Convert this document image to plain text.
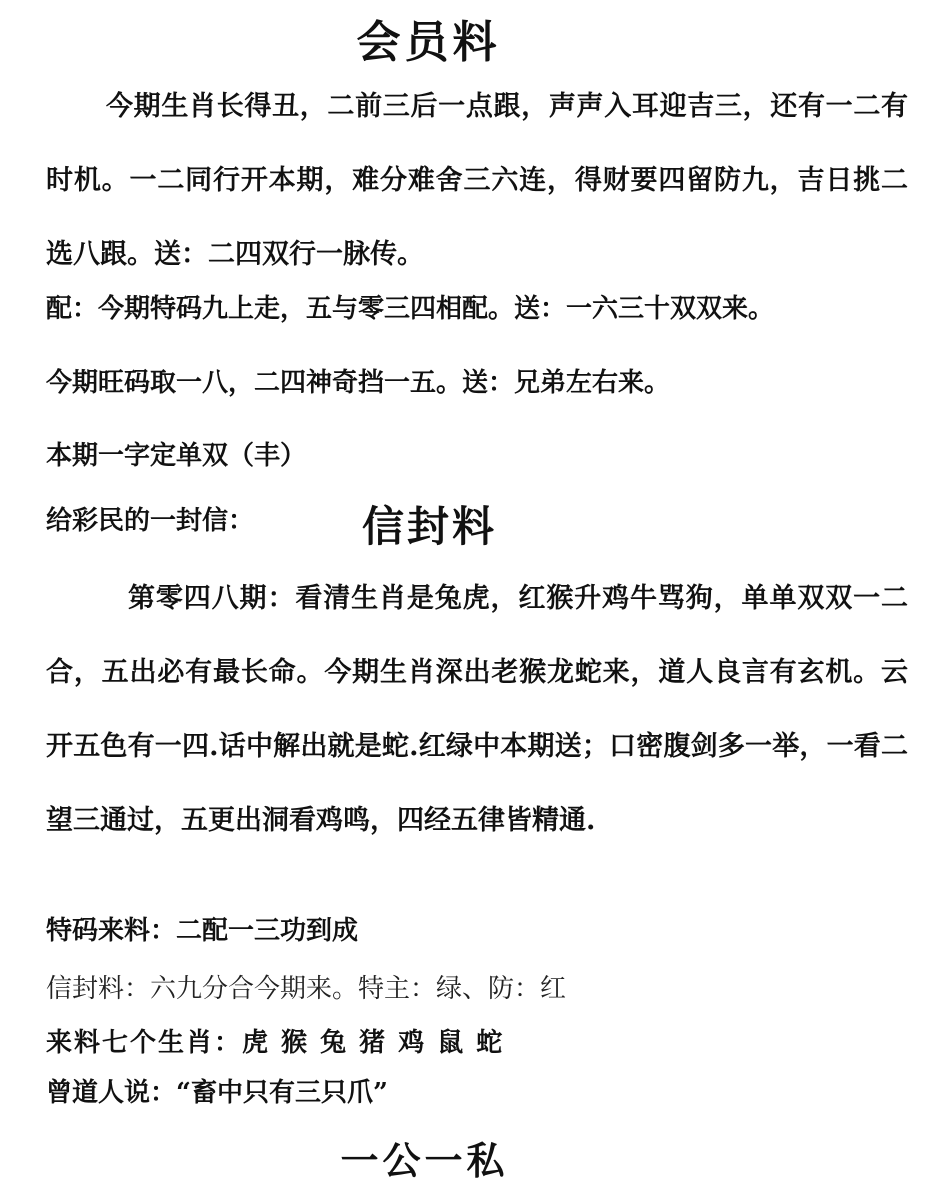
会员料
今期生肖长得丑，二前三后一点跟，声声入耳迎吉三，还有一二有时机。一二同行开本期，难分难舍三六连，得财要四留防九，吉日挑二选八跟。送：二四双行一脉传。
配：今期特码九上走，五与零三四相配。送：一六三十双双来。
今期旺码取一八，二四神奇挡一五。送：兄弟左右来。
本期一字定单双（丰）
给彩民的一封信：	信封料
第零四八期：看清生肖是兔虎，红猴升鸡牛骂狗，单单双双一二合，五出必有最长命。今期生肖深出老猴龙蛇来，道人良言有玄机。云开五色有一四.话中解出就是蛇.红绿中本期送；口密腹剑多一举，一看二望三通过，五更出洞看鸡鸣，四经五律皆精通.
特码来料：二配一三功到成
信封料：六九分合今期来。特主：绿、防：红
来料七个生肖：虎 猴 兔 猪 鸡 鼠 蛇
曾道人说：“畜中只有三只爪”
一公一私
